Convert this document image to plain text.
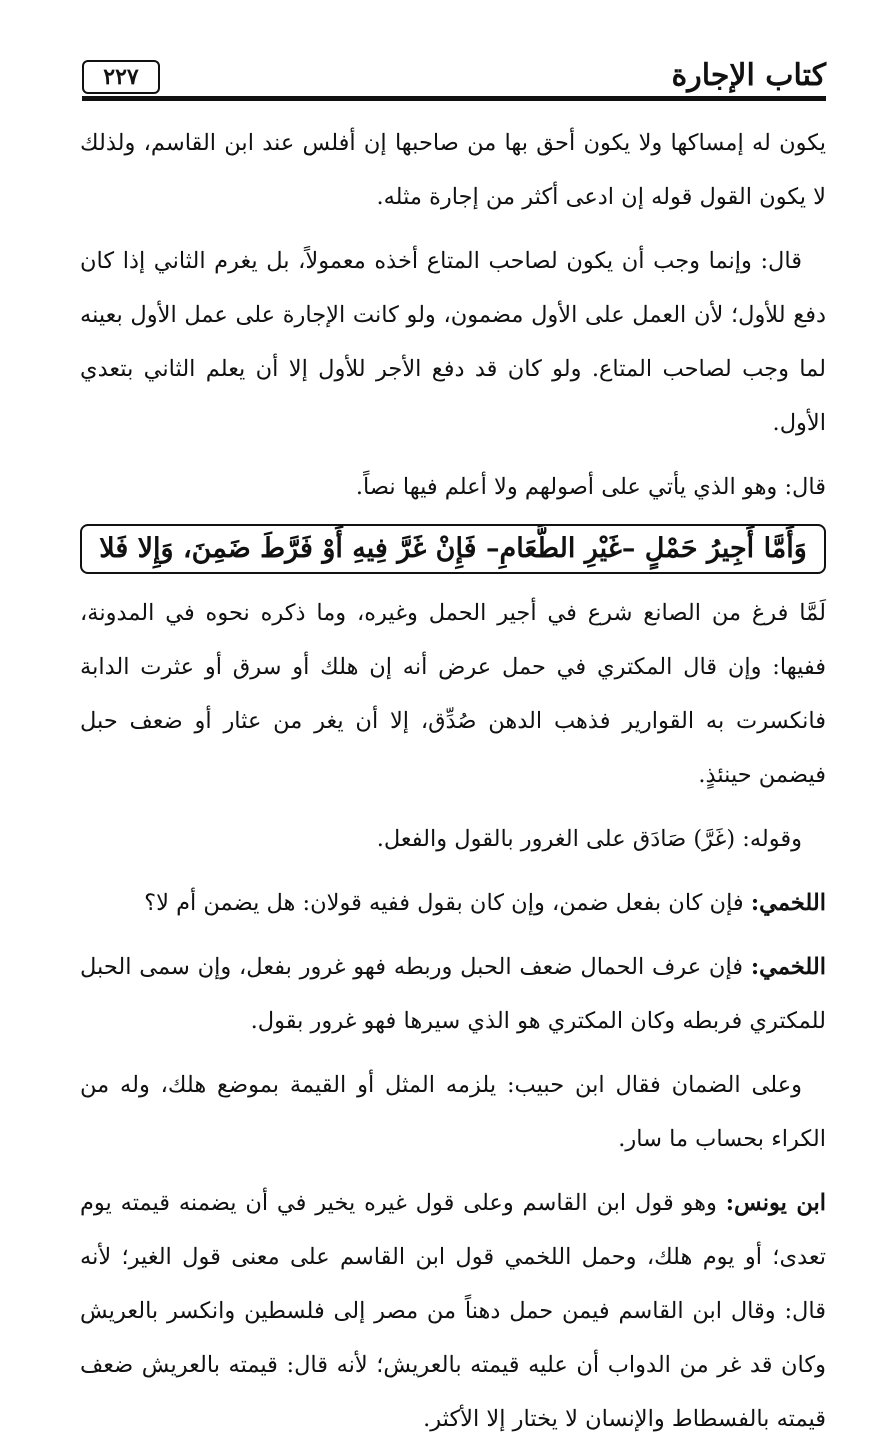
كتاب الإجارة
٢٢٧

يكون له إمساكها ولا يكون أحق بها من صاحبها إن أفلس عند ابن القاسم، ولذلك لا يكون القول قوله إن ادعى أكثر من إجارة مثله.

قال: وإنما وجب أن يكون لصاحب المتاع أخذه معمولاً، بل يغرم الثاني إذا كان دفع للأول؛ لأن العمل على الأول مضمون، ولو كانت الإجارة على عمل الأول بعينه لما وجب لصاحب المتاع. ولو كان قد دفع الأجر للأول إلا أن يعلم الثاني بتعدي الأول.

قال: وهو الذي يأتي على أصولهم ولا أعلم فيها نصاً.

وَأَمَّا أَجِيرُ حَمْلٍ –غَيْرِ الطَّعَامِ– فَإِنْ غَرَّ فِيهِ أَوْ فَرَّطَ ضَمِنَ، وَإِلا فَلا

لَمَّا فرغ من الصانع شرع في أجير الحمل وغيره، وما ذكره نحوه في المدونة، ففيها: وإن قال المكتري في حمل عرض أنه إن هلك أو سرق أو عثرت الدابة فانكسرت به القوارير فذهب الدهن صُدِّق، إلا أن يغر من عثار أو ضعف حبل فيضمن حينئذٍ.

وقوله: (غَرَّ) صَادَق على الغرور بالقول والفعل.

اللخمي: فإن كان بفعل ضمن، وإن كان بقول ففيه قولان: هل يضمن أم لا؟

اللخمي: فإن عرف الحمال ضعف الحبل وربطه فهو غرور بفعل، وإن سمى الحبل للمكتري فربطه وكان المكتري هو الذي سيرها فهو غرور بقول.

وعلى الضمان فقال ابن حبيب: يلزمه المثل أو القيمة بموضع هلك، وله من الكراء بحساب ما سار.

ابن يونس: وهو قول ابن القاسم وعلى قول غيره يخير في أن يضمنه قيمته يوم تعدى؛ أو يوم هلك، وحمل اللخمي قول ابن القاسم على معنى قول الغير؛ لأنه قال: وقال ابن القاسم فيمن حمل دهناً من مصر إلى فلسطين وانكسر بالعريش وكان قد غر من الدواب أن عليه قيمته بالعريش؛ لأنه قال: قيمته بالعريش ضعف قيمته بالفسطاط والإنسان لا يختار إلا الأكثر.
